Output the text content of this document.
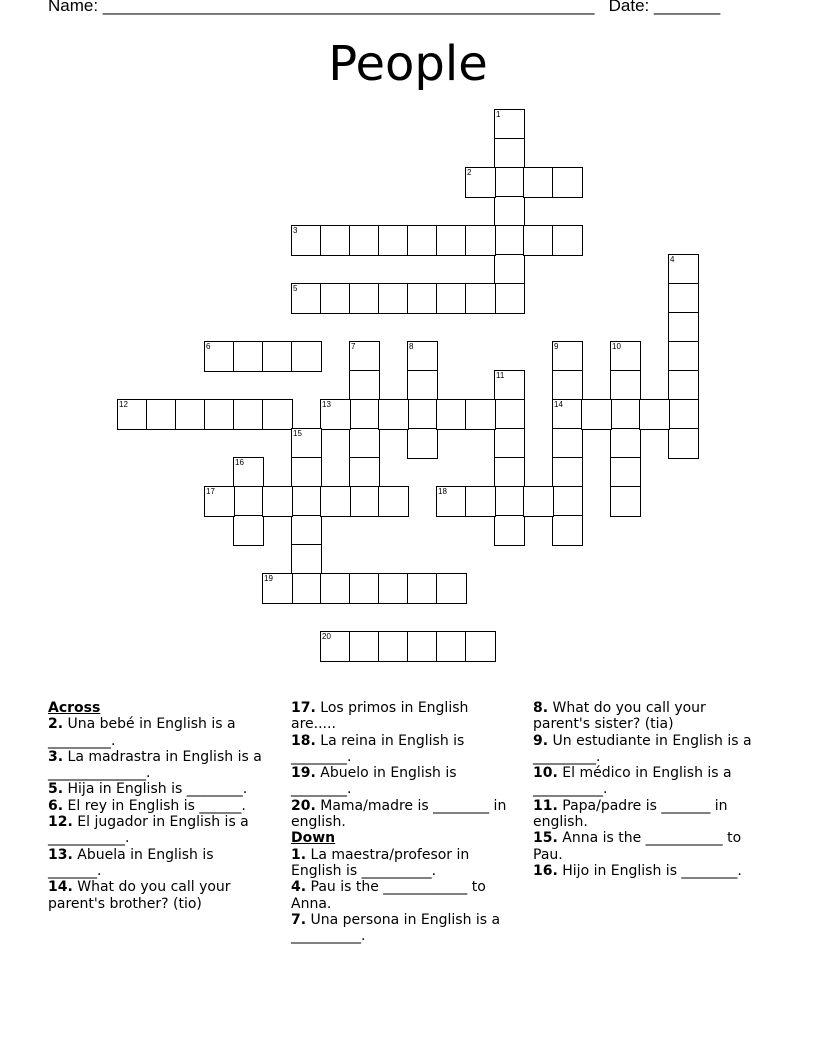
Name: ____________________________________________________ Date: _______
People
1
2
3
4
5
6	7	8	9
14
10
11
12	13
15
16
17	18
19
20
Across
2. Una bebé in English is a _________.
3. La madrastra in English is a ______________.
5. Hija in English is ________.
6. El rey in English is ______.
12. El jugador in English is a ___________.
13. Abuela in English is _______.
14. What do you call your parent's brother? (tio)
17. Los primos in English are.....
18. La reina in English is ________.
19. Abuelo in English is ________.
20. Mama/madre is ________ in english.
Down
1. La maestra/profesor in English is __________.
4. Pau is the ____________ to Anna.
7. Una persona in English is a __________.
8. What do you call your parent's sister? (tia)
9. Un estudiante in English is a _________.
10. El médico in English is a __________.
11. Papa/padre is _______ in english.
15. Anna is the ___________ to Pau.
16. Hijo in English is ________.
